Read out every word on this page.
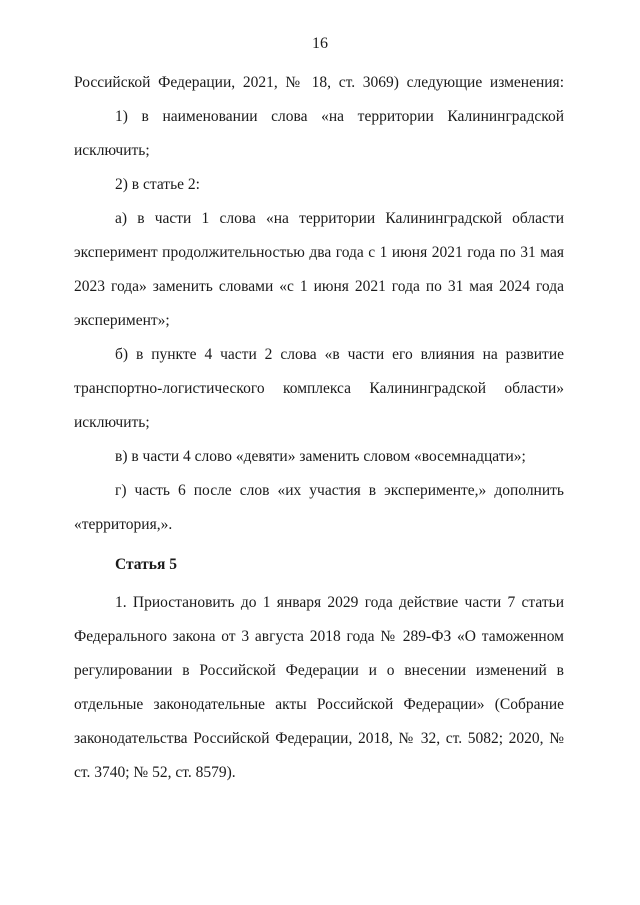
16
Российской Федерации, 2021, № 18, ст. 3069) следующие изменения:
1) в наименовании слова «на территории Калининградской
исключить;
2) в статье 2:
а) в части 1 слова «на территории Калининградской области
эксперимент продолжительностью два года с 1 июня 2021 года по 31 мая
2023 года» заменить словами «с 1 июня 2021 года по 31 мая 2024 года
эксперимент»;
б) в пункте 4 части 2 слова «в части его влияния на развитие
транспортно-логистического комплекса Калининградской области»
исключить;
в) в части 4 слово «девяти» заменить словом «восемнадцати»;
г) часть 6 после слов «их участия в эксперименте,» дополнить
«территория,».
Статья 5
1. Приостановить до 1 января 2029 года действие части 7 статьи
Федерального закона от 3 августа 2018 года № 289-ФЗ «О таможенном
регулировании в Российской Федерации и о внесении изменений в
отдельные законодательные акты Российской Федерации» (Собрание
законодательства Российской Федерации, 2018, № 32, ст. 5082; 2020, №
ст. 3740; № 52, ст. 8579).
